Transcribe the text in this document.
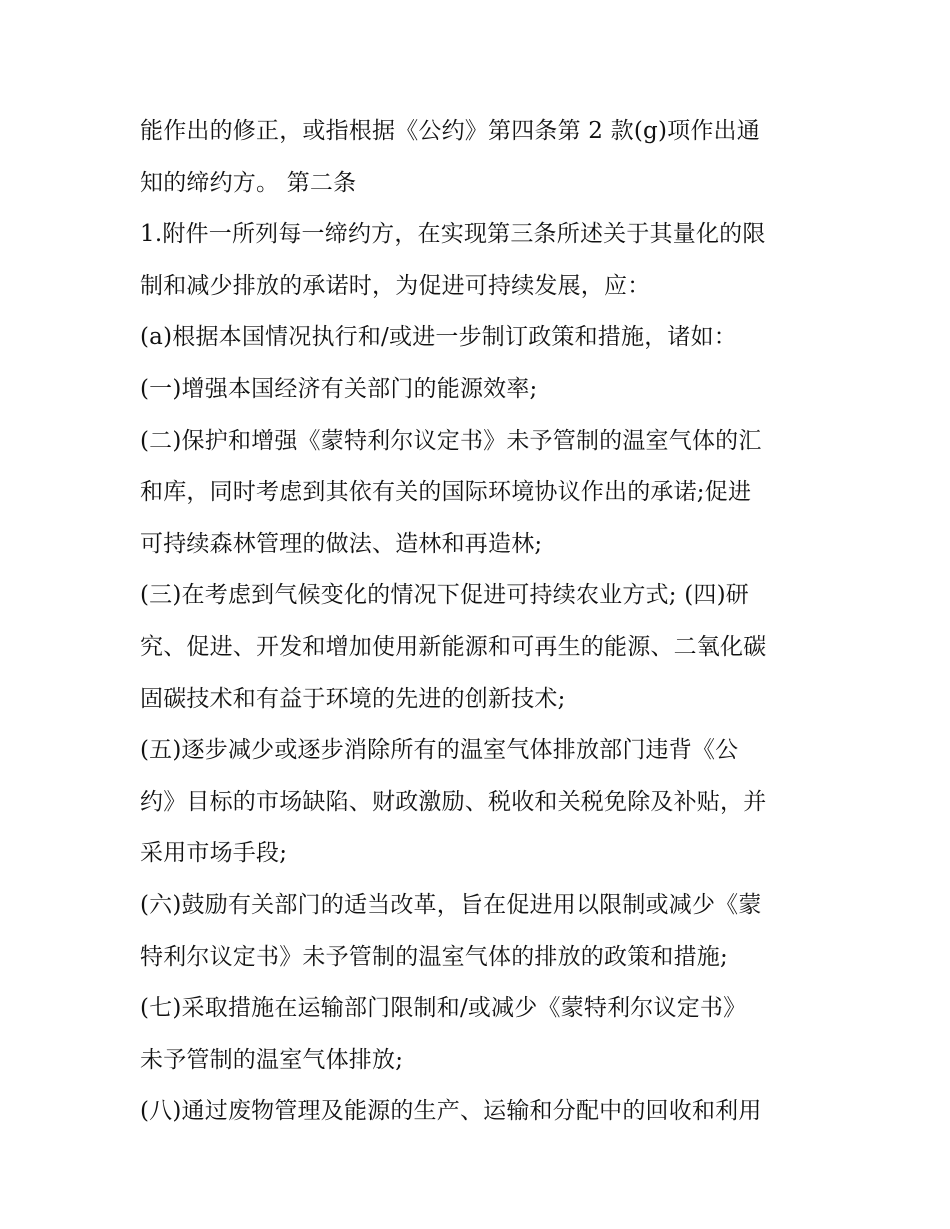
能作出的修正，或指根据《公约》第四条第 2 款(g)项作出通
知的缔约方。 第二条
1.附件一所列每一缔约方，在实现第三条所述关于其量化的限
制和减少排放的承诺时，为促进可持续发展，应：
(a)根据本国情况执行和/或进一步制订政策和措施，诸如：
(一)增强本国经济有关部门的能源效率;
(二)保护和增强《蒙特利尔议定书》未予管制的温室气体的汇
和库，同时考虑到其依有关的国际环境协议作出的承诺;促进
可持续森林管理的做法、造林和再造林;
(三)在考虑到气候变化的情况下促进可持续农业方式; (四)研
究、促进、开发和增加使用新能源和可再生的能源、二氧化碳
固碳技术和有益于环境的先进的创新技术;
(五)逐步减少或逐步消除所有的温室气体排放部门违背《公
约》目标的市场缺陷、财政激励、税收和关税免除及补贴，并
采用市场手段;
(六)鼓励有关部门的适当改革，旨在促进用以限制或减少《蒙
特利尔议定书》未予管制的温室气体的排放的政策和措施;
(七)采取措施在运输部门限制和/或减少《蒙特利尔议定书》
未予管制的温室气体排放;
(八)通过废物管理及能源的生产、运输和分配中的回收和利用
